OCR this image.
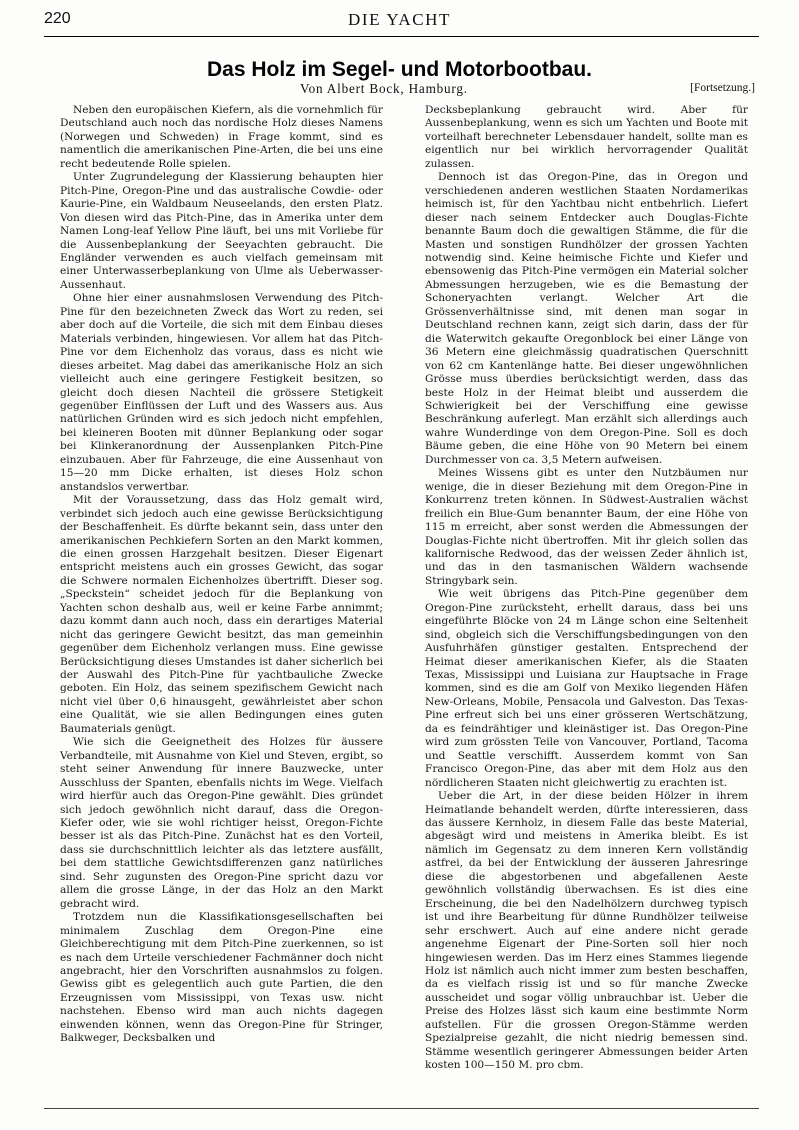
220	DIE YACHT
Das Holz im Segel- und Motorbootbau.
Von Albert Bock, Hamburg.	[Fortsetzung.]

Neben den europäischen Kiefern, als die vornehmlich für Deutschland auch noch das nordische Holz dieses Namens (Norwegen und Schweden) in Frage kommt, sind es namentlich die amerikanischen Pine-Arten, die bei uns eine recht bedeutende Rolle spielen.

Unter Zugrundelegung der Klassierung behaupten hier Pitch-Pine, Oregon-Pine und das australische Cowdie- oder Kaurie-Pine, ein Waldbaum Neuseelands, den ersten Platz. Von diesen wird das Pitch-Pine, das in Amerika unter dem Namen Long-leaf Yellow Pine läuft, bei uns mit Vorliebe für die Aussenbeplankung der Seeyachten gebraucht. Die Engländer verwenden es auch vielfach gemeinsam mit einer Unterwasserbeplankung von Ulme als Ueberwasser-Aussenhaut.

Ohne hier einer ausnahmslosen Verwendung des Pitch-Pine für den bezeichneten Zweck das Wort zu reden, sei aber doch auf die Vorteile, die sich mit dem Einbau dieses Materials verbinden, hingewiesen. Vor allem hat das Pitch-Pine vor dem Eichenholz das voraus, dass es nicht wie dieses arbeitet. Mag dabei das amerikanische Holz an sich vielleicht auch eine geringere Festigkeit besitzen, so gleicht doch diesen Nachteil die grössere Stetigkeit gegenüber Einflüssen der Luft und des Wassers aus. Aus natürlichen Gründen wird es sich jedoch nicht empfehlen, bei kleineren Booten mit dünner Beplankung oder sogar bei Klinkeranordnung der Aussenplanken Pitch-Pine einzubauen. Aber für Fahrzeuge, die eine Aussenhaut von 15—20 mm Dicke erhalten, ist dieses Holz schon anstandslos verwertbar.

Mit der Voraussetzung, dass das Holz gemalt wird, verbindet sich jedoch auch eine gewisse Berücksichtigung der Beschaffenheit. Es dürfte bekannt sein, dass unter den amerikanischen Pechkiefern Sorten an den Markt kommen, die einen grossen Harzgehalt besitzen. Dieser Eigenart entspricht meistens auch ein grosses Gewicht, das sogar die Schwere normalen Eichenholzes übertrifft. Dieser sog. „Speckstein“ scheidet jedoch für die Beplankung von Yachten schon deshalb aus, weil er keine Farbe annimmt; dazu kommt dann auch noch, dass ein derartiges Material nicht das geringere Gewicht besitzt, das man gemeinhin gegenüber dem Eichenholz verlangen muss. Eine gewisse Berücksichtigung dieses Umstandes ist daher sicherlich bei der Auswahl des Pitch-Pine für yachtbauliche Zwecke geboten. Ein Holz, das seinem spezifischem Gewicht nach nicht viel über 0,6 hinausgeht, gewährleistet aber schon eine Qualität, wie sie allen Bedingungen eines guten Baumaterials genügt.

Wie sich die Geeignetheit des Holzes für äussere Verbandteile, mit Ausnahme von Kiel und Steven, ergibt, so steht seiner Anwendung für innere Bauzwecke, unter Ausschluss der Spanten, ebenfalls nichts im Wege. Vielfach wird hierfür auch das Oregon-Pine gewählt. Dies gründet sich jedoch gewöhnlich nicht darauf, dass die Oregon-Kiefer oder, wie sie wohl richtiger heisst, Oregon-Fichte besser ist als das Pitch-Pine. Zunächst hat es den Vorteil, dass sie durchschnittlich leichter als das letztere ausfällt, bei dem stattliche Gewichtsdifferenzen ganz natürliches sind. Sehr zugunsten des Oregon-Pine spricht dazu vor allem die grosse Länge, in der das Holz an den Markt gebracht wird.

Trotzdem nun die Klassifikationsgesellschaften bei minimalem Zuschlag dem Oregon-Pine eine Gleichberechtigung mit dem Pitch-Pine zuerkennen, so ist es nach dem Urteile verschiedener Fachmänner doch nicht angebracht, hier den Vorschriften ausnahmslos zu folgen. Gewiss gibt es gelegentlich auch gute Partien, die den Erzeugnissen vom Mississippi, von Texas usw. nicht nachstehen. Ebenso wird man auch nichts dagegen einwenden können, wenn das Oregon-Pine für Stringer, Balkweger, Decksbalken und

Decksbeplankung gebraucht wird. Aber für Aussenbeplankung, wenn es sich um Yachten und Boote mit vorteilhaft berechneter Lebensdauer handelt, sollte man es eigentlich nur bei wirklich hervorragender Qualität zulassen.

Dennoch ist das Oregon-Pine, das in Oregon und verschiedenen anderen westlichen Staaten Nordamerikas heimisch ist, für den Yachtbau nicht entbehrlich. Liefert dieser nach seinem Entdecker auch Douglas-Fichte benannte Baum doch die gewaltigen Stämme, die für die Masten und sonstigen Rundhölzer der grossen Yachten notwendig sind. Keine heimische Fichte und Kiefer und ebensowenig das Pitch-Pine vermögen ein Material solcher Abmessungen herzugeben, wie es die Bemastung der Schoneryachten verlangt. Welcher Art die Grössenverhältnisse sind, mit denen man sogar in Deutschland rechnen kann, zeigt sich darin, dass der für die Waterwitch gekaufte Oregonblock bei einer Länge von 36 Metern eine gleichmässig quadratischen Querschnitt von 62 cm Kantenlänge hatte. Bei dieser ungewöhnlichen Grösse muss überdies berücksichtigt werden, dass das beste Holz in der Heimat bleibt und ausserdem die Schwierigkeit bei der Verschiffung eine gewisse Beschränkung auferlegt. Man erzählt sich allerdings auch wahre Wunderdinge von dem Oregon-Pine. Soll es doch Bäume geben, die eine Höhe von 90 Metern bei einem Durchmesser von ca. 3,5 Metern aufweisen.

Meines Wissens gibt es unter den Nutzbäumen nur wenige, die in dieser Beziehung mit dem Oregon-Pine in Konkurrenz treten können. In Südwest-Australien wächst freilich ein Blue-Gum benannter Baum, der eine Höhe von 115 m erreicht, aber sonst werden die Abmessungen der Douglas-Fichte nicht übertroffen. Mit ihr gleich sollen das kalifornische Redwood, das der weissen Zeder ähnlich ist, und das in den tasmanischen Wäldern wachsende Stringybark sein.

Wie weit übrigens das Pitch-Pine gegenüber dem Oregon-Pine zurücksteht, erhellt daraus, dass bei uns eingeführte Blöcke von 24 m Länge schon eine Seltenheit sind, obgleich sich die Verschiffungsbedingungen von den Ausfuhrhäfen günstiger gestalten. Entsprechend der Heimat dieser amerikanischen Kiefer, als die Staaten Texas, Mississippi und Luisiana zur Hauptsache in Frage kommen, sind es die am Golf von Mexiko liegenden Häfen New-Orleans, Mobile, Pensacola und Galveston. Das Texas-Pine erfreut sich bei uns einer grösseren Wertschätzung, da es feindrähtiger und kleinästiger ist. Das Oregon-Pine wird zum grössten Teile von Vancouver, Portland, Tacoma und Seattle verschifft. Ausserdem kommt von San Francisco Oregon-Pine, das aber mit dem Holz aus den nördlicheren Staaten nicht gleichwertig zu erachten ist.

Ueber die Art, in der diese beiden Hölzer in ihrem Heimatlande behandelt werden, dürfte interessieren, dass das äussere Kernholz, in diesem Falle das beste Material, abgesägt wird und meistens in Amerika bleibt. Es ist nämlich im Gegensatz zu dem inneren Kern vollständig astfrei, da bei der Entwicklung der äusseren Jahresringe diese die abgestorbenen und abgefallenen Aeste gewöhnlich vollständig überwachsen. Es ist dies eine Erscheinung, die bei den Nadelhölzern durchweg typisch ist und ihre Bearbeitung für dünne Rundhölzer teilweise sehr erschwert. Auch auf eine andere nicht gerade angenehme Eigenart der Pine-Sorten soll hier noch hingewiesen werden. Das im Herz eines Stammes liegende Holz ist nämlich auch nicht immer zum besten beschaffen, da es vielfach rissig ist und so für manche Zwecke ausscheidet und sogar völlig unbrauchbar ist. Ueber die Preise des Holzes lässt sich kaum eine bestimmte Norm aufstellen. Für die grossen Oregon-Stämme werden Spezialpreise gezahlt, die nicht niedrig bemessen sind. Stämme wesentlich geringerer Abmessungen beider Arten kosten 100—150 M. pro cbm.
